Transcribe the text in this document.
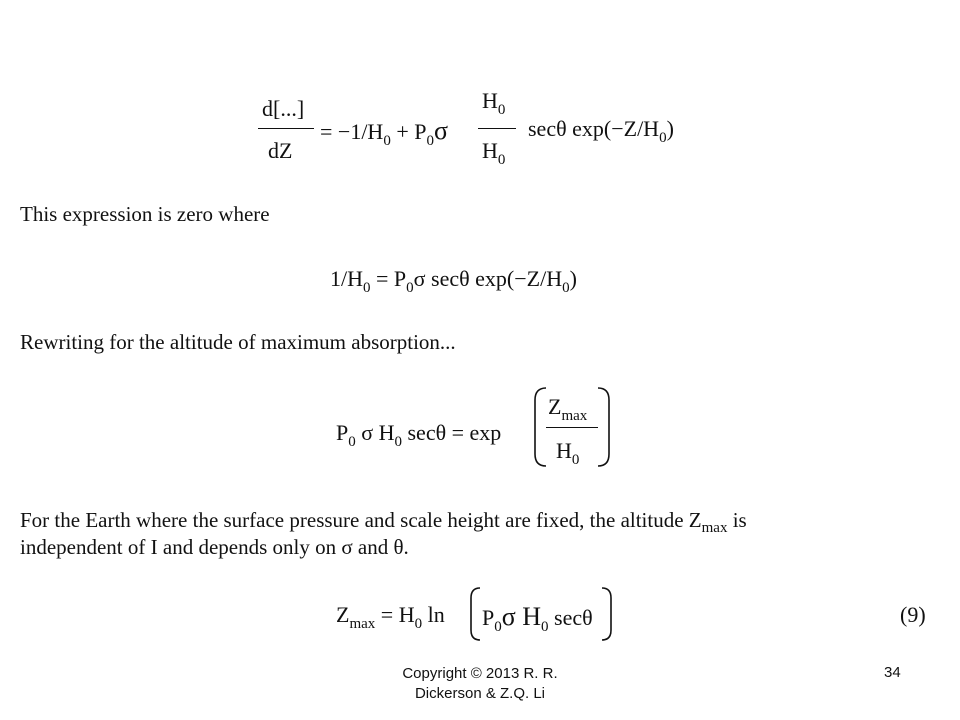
d[...]
dZ
= $-1/H_0 + P_0\sigma$
$H_0$
$H_0$
secθ $\exp(-Z/H_0)$
This expression is zero where
$1/H_0 = P_0\sigma$ secθ $\exp(-Z/H_0)$
Rewriting for the altitude of maximum absorption...
$P_0$ σ $H_0$ secθ = exp
$Z_{max}$
$H_0$
For the Earth where the surface pressure and scale height are fixed, the altitude $Z_{max}$ is
independent of I and depends only on σ and θ.
$Z_{max} = H_0$ $\ln P_0\sigma$ $H_0$ secθ	(9)
Copyright © 2013 R. R.
Dickerson & Z.Q. Li
34
